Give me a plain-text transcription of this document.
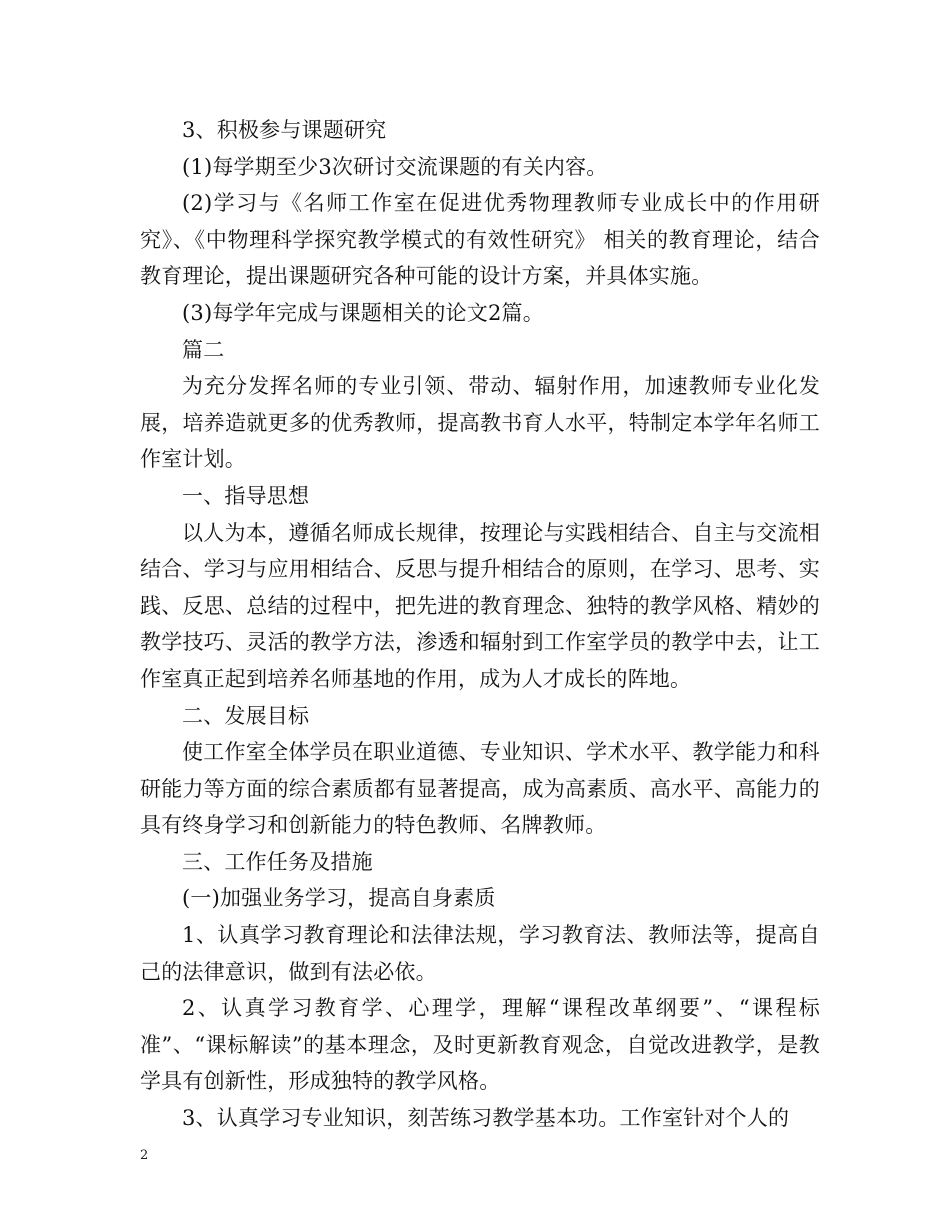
3、积极参与课题研究

(1)每学期至少3次研讨交流课题的有关内容。

(2)学习与《名师工作室在促进优秀物理教师专业成长中的作用研究》、《中物理科学探究教学模式的有效性研究》 相关的教育理论，结合教育理论，提出课题研究各种可能的设计方案，并具体实施。

(3)每学年完成与课题相关的论文2篇。

篇二

为充分发挥名师的专业引领、带动、辐射作用，加速教师专业化发展，培养造就更多的优秀教师，提高教书育人水平，特制定本学年名师工作室计划。

一、指导思想

以人为本，遵循名师成长规律，按理论与实践相结合、自主与交流相结合、学习与应用相结合、反思与提升相结合的原则，在学习、思考、实践、反思、总结的过程中，把先进的教育理念、独特的教学风格、精妙的教学技巧、灵活的教学方法，渗透和辐射到工作室学员的教学中去，让工作室真正起到培养名师基地的作用，成为人才成长的阵地。

二、发展目标

使工作室全体学员在职业道德、专业知识、学术水平、教学能力和科研能力等方面的综合素质都有显著提高，成为高素质、高水平、高能力的具有终身学习和创新能力的特色教师、名牌教师。

三、工作任务及措施

(一)加强业务学习，提高自身素质

1、认真学习教育理论和法律法规，学习教育法、教师法等，提高自己的法律意识，做到有法必依。

2、认真学习教育学、心理学，理解“课程改革纲要”、“课程标准”、“课标解读”的基本理念，及时更新教育观念，自觉改进教学，是教学具有创新性，形成独特的教学风格。

3、认真学习专业知识，刻苦练习教学基本功。工作室针对个人的

2
